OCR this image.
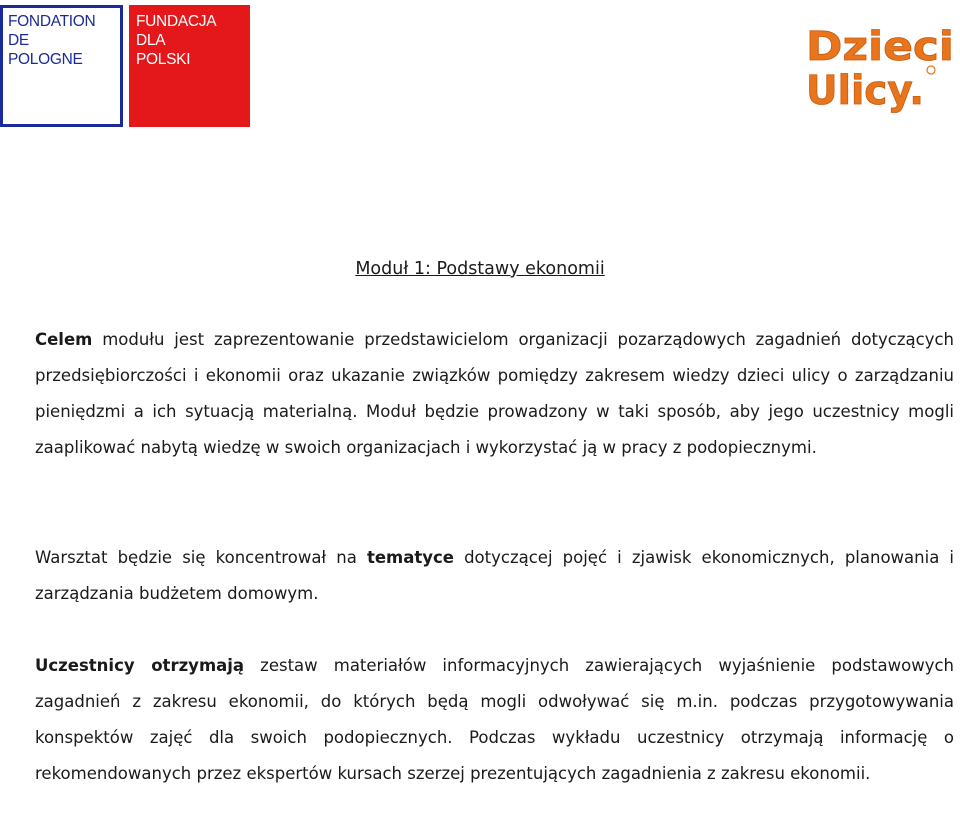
FONDATION
DE
POLOGNE
FUNDACJA
DLA
POLSKI	Dzieci
Ulicy.
Moduł 1: Podstawy ekonomii
Celem modułu jest zaprezentowanie przedstawicielom organizacji pozarządowych zagadnień dotyczących przedsiębiorczości i ekonomii oraz ukazanie związków pomiędzy zakresem wiedzy dzieci ulicy o zarządzaniu pieniędzmi a ich sytuacją materialną. Moduł będzie prowadzony w taki sposób, aby jego uczestnicy mogli zaaplikować nabytą wiedzę w swoich organizacjach i wykorzystać ją w pracy z podopiecznymi.
Warsztat będzie się koncentrował na tematyce dotyczącej pojęć i zjawisk ekonomicznych, planowania i zarządzania budżetem domowym.
Uczestnicy otrzymają zestaw materiałów informacyjnych zawierających wyjaśnienie podstawowych zagadnień z zakresu ekonomii, do których będą mogli odwoływać się m.in. podczas przygotowywania konspektów zajęć dla swoich podopiecznych. Podczas wykładu uczestnicy otrzymają informację o rekomendowanych przez ekspertów kursach szerzej prezentujących zagadnienia z zakresu ekonomii.
